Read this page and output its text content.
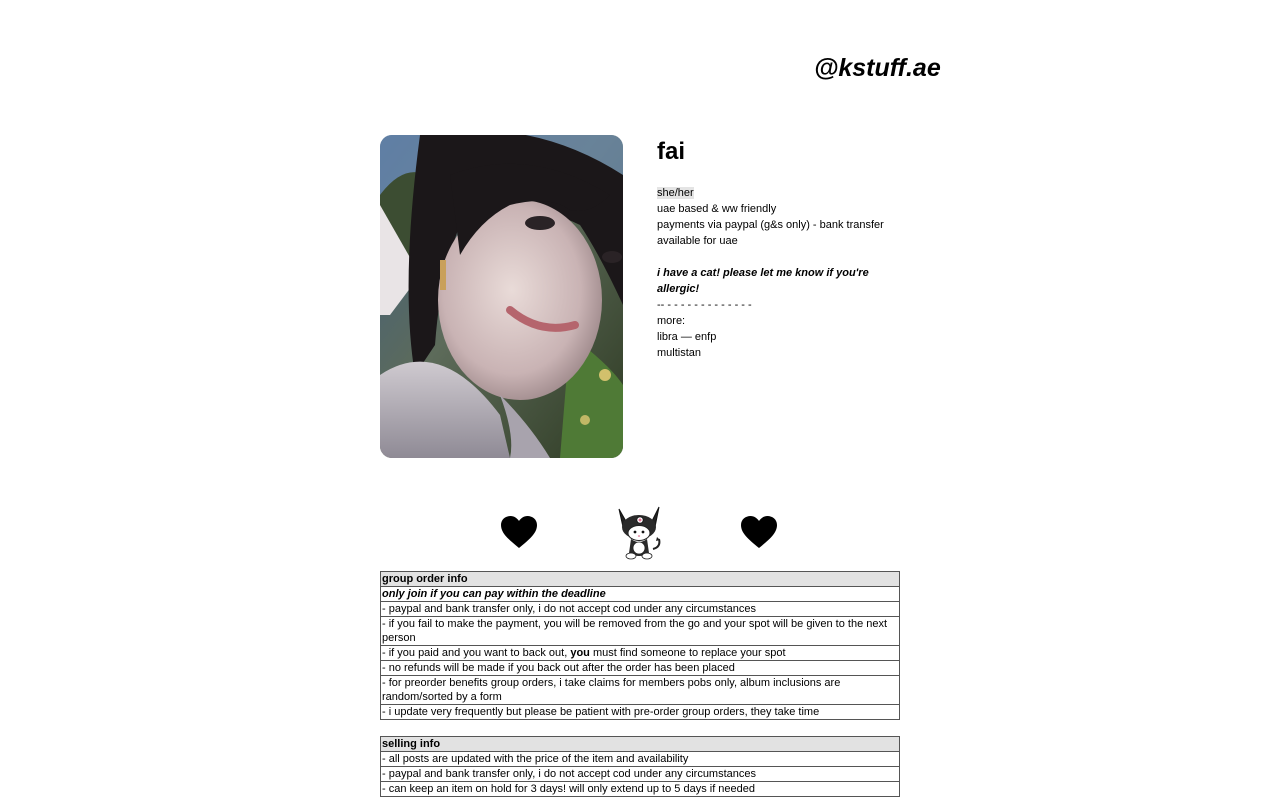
@kstuff.ae
fai
she/her
uae based & ww friendly
payments via paypal (g&s only) - bank transfer
available for uae
i have a cat! please let me know if you're
allergic!
-- - - - - - - - - - - - - -
more:
libra — enfp
multistan
group order info
only join if you can pay within the deadline
- paypal and bank transfer only, i do not accept cod under any circumstances
- if you fail to make the payment, you will be removed from the go and your spot will be given to the next person
- if you paid and you want to back out, you must find someone to replace your spot
- no refunds will be made if you back out after the order has been placed
- for preorder benefits group orders, i take claims for members pobs only, album inclusions are random/sorted by a form
- i update very frequently but please be patient with pre-order group orders, they take time
selling info
- all posts are updated with the price of the item and availability
- paypal and bank transfer only, i do not accept cod under any circumstances
- can keep an item on hold for 3 days! will only extend up to 5 days if needed
